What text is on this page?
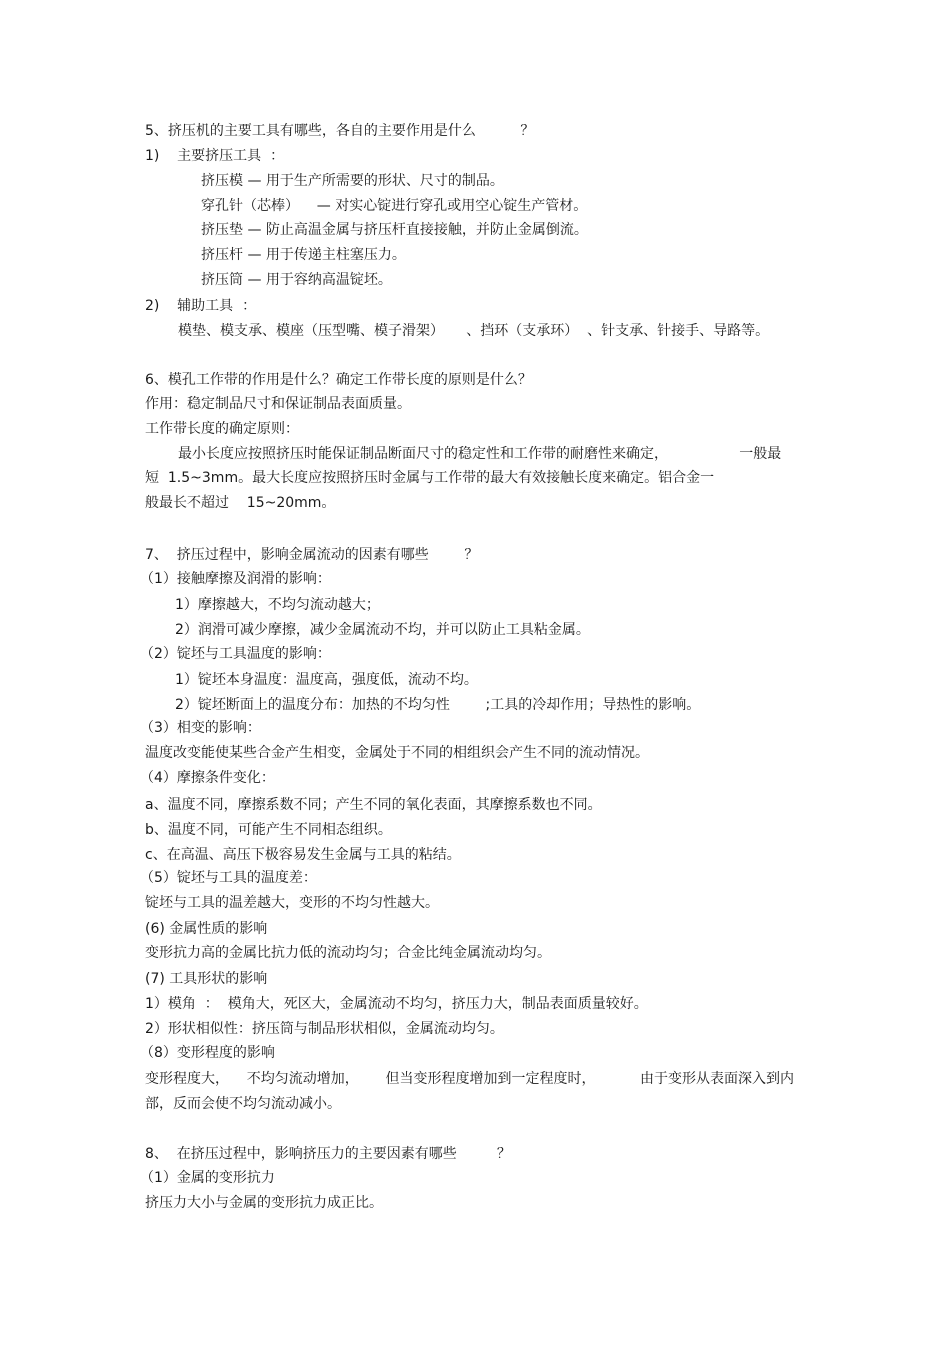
5、挤压机的主要工具有哪些，各自的主要作用是什么          ？

1)    主要挤压工具  ：

挤压模 — 用于生产所需要的形状、尺寸的制品。

穿孔针（芯棒）    — 对实心锭进行穿孔或用空心锭生产管材。

挤压垫 — 防止高温金属与挤压杆直接接触，并防止金属倒流。

挤压杆 — 用于传递主柱塞压力。

挤压筒 — 用于容纳高温锭坯。

2)    辅助工具  ：

模垫、模支承、模座（压型嘴、模子滑架）     、挡环（支承环）  、针支承、针接手、导路等。

6、模孔工作带的作用是什么？确定工作带长度的原则是什么？

作用：稳定制品尺寸和保证制品表面质量。

工作带长度的确定原则：

最小长度应按照挤压时能保证制品断面尺寸的稳定性和工作带的耐磨性来确定，                一般最

短  1.5~3mm。最大长度应按照挤压时金属与工作带的最大有效接触长度来确定。铝合金一

般最长不超过    15~20mm。

7、  挤压过程中，影响金属流动的因素有哪些        ？

（1）接触摩擦及润滑的影响：

1）摩擦越大，不均匀流动越大；

2）润滑可减少摩擦，减少金属流动不均，并可以防止工具粘金属。

（2）锭坯与工具温度的影响：

1）锭坯本身温度：温度高，强度低，流动不均。

2）锭坯断面上的温度分布：加热的不均匀性        ;工具的冷却作用；导热性的影响。

（3）相变的影响：

温度改变能使某些合金产生相变，金属处于不同的相组织会产生不同的流动情况。

（4）摩擦条件变化：

a、温度不同，摩擦系数不同；产生不同的氧化表面，其摩擦系数也不同。

b、温度不同，可能产生不同相态组织。

c、在高温、高压下极容易发生金属与工具的粘结。

（5）锭坯与工具的温度差：

锭坯与工具的温差越大，变形的不均匀性越大。

(6) 金属性质的影响

变形抗力高的金属比抗力低的流动均匀；合金比纯金属流动均匀。

(7) 工具形状的影响

1）模角  ：  模角大，死区大，金属流动不均匀，挤压力大，制品表面质量较好。

2）形状相似性：挤压筒与制品形状相似，金属流动均匀。

（8）变形程度的影响

变形程度大，    不均匀流动增加，      但当变形程度增加到一定程度时，          由于变形从表面深入到内

部，反而会使不均匀流动减小。

8、  在挤压过程中，影响挤压力的主要因素有哪些         ？

（1）金属的变形抗力

挤压力大小与金属的变形抗力成正比。
